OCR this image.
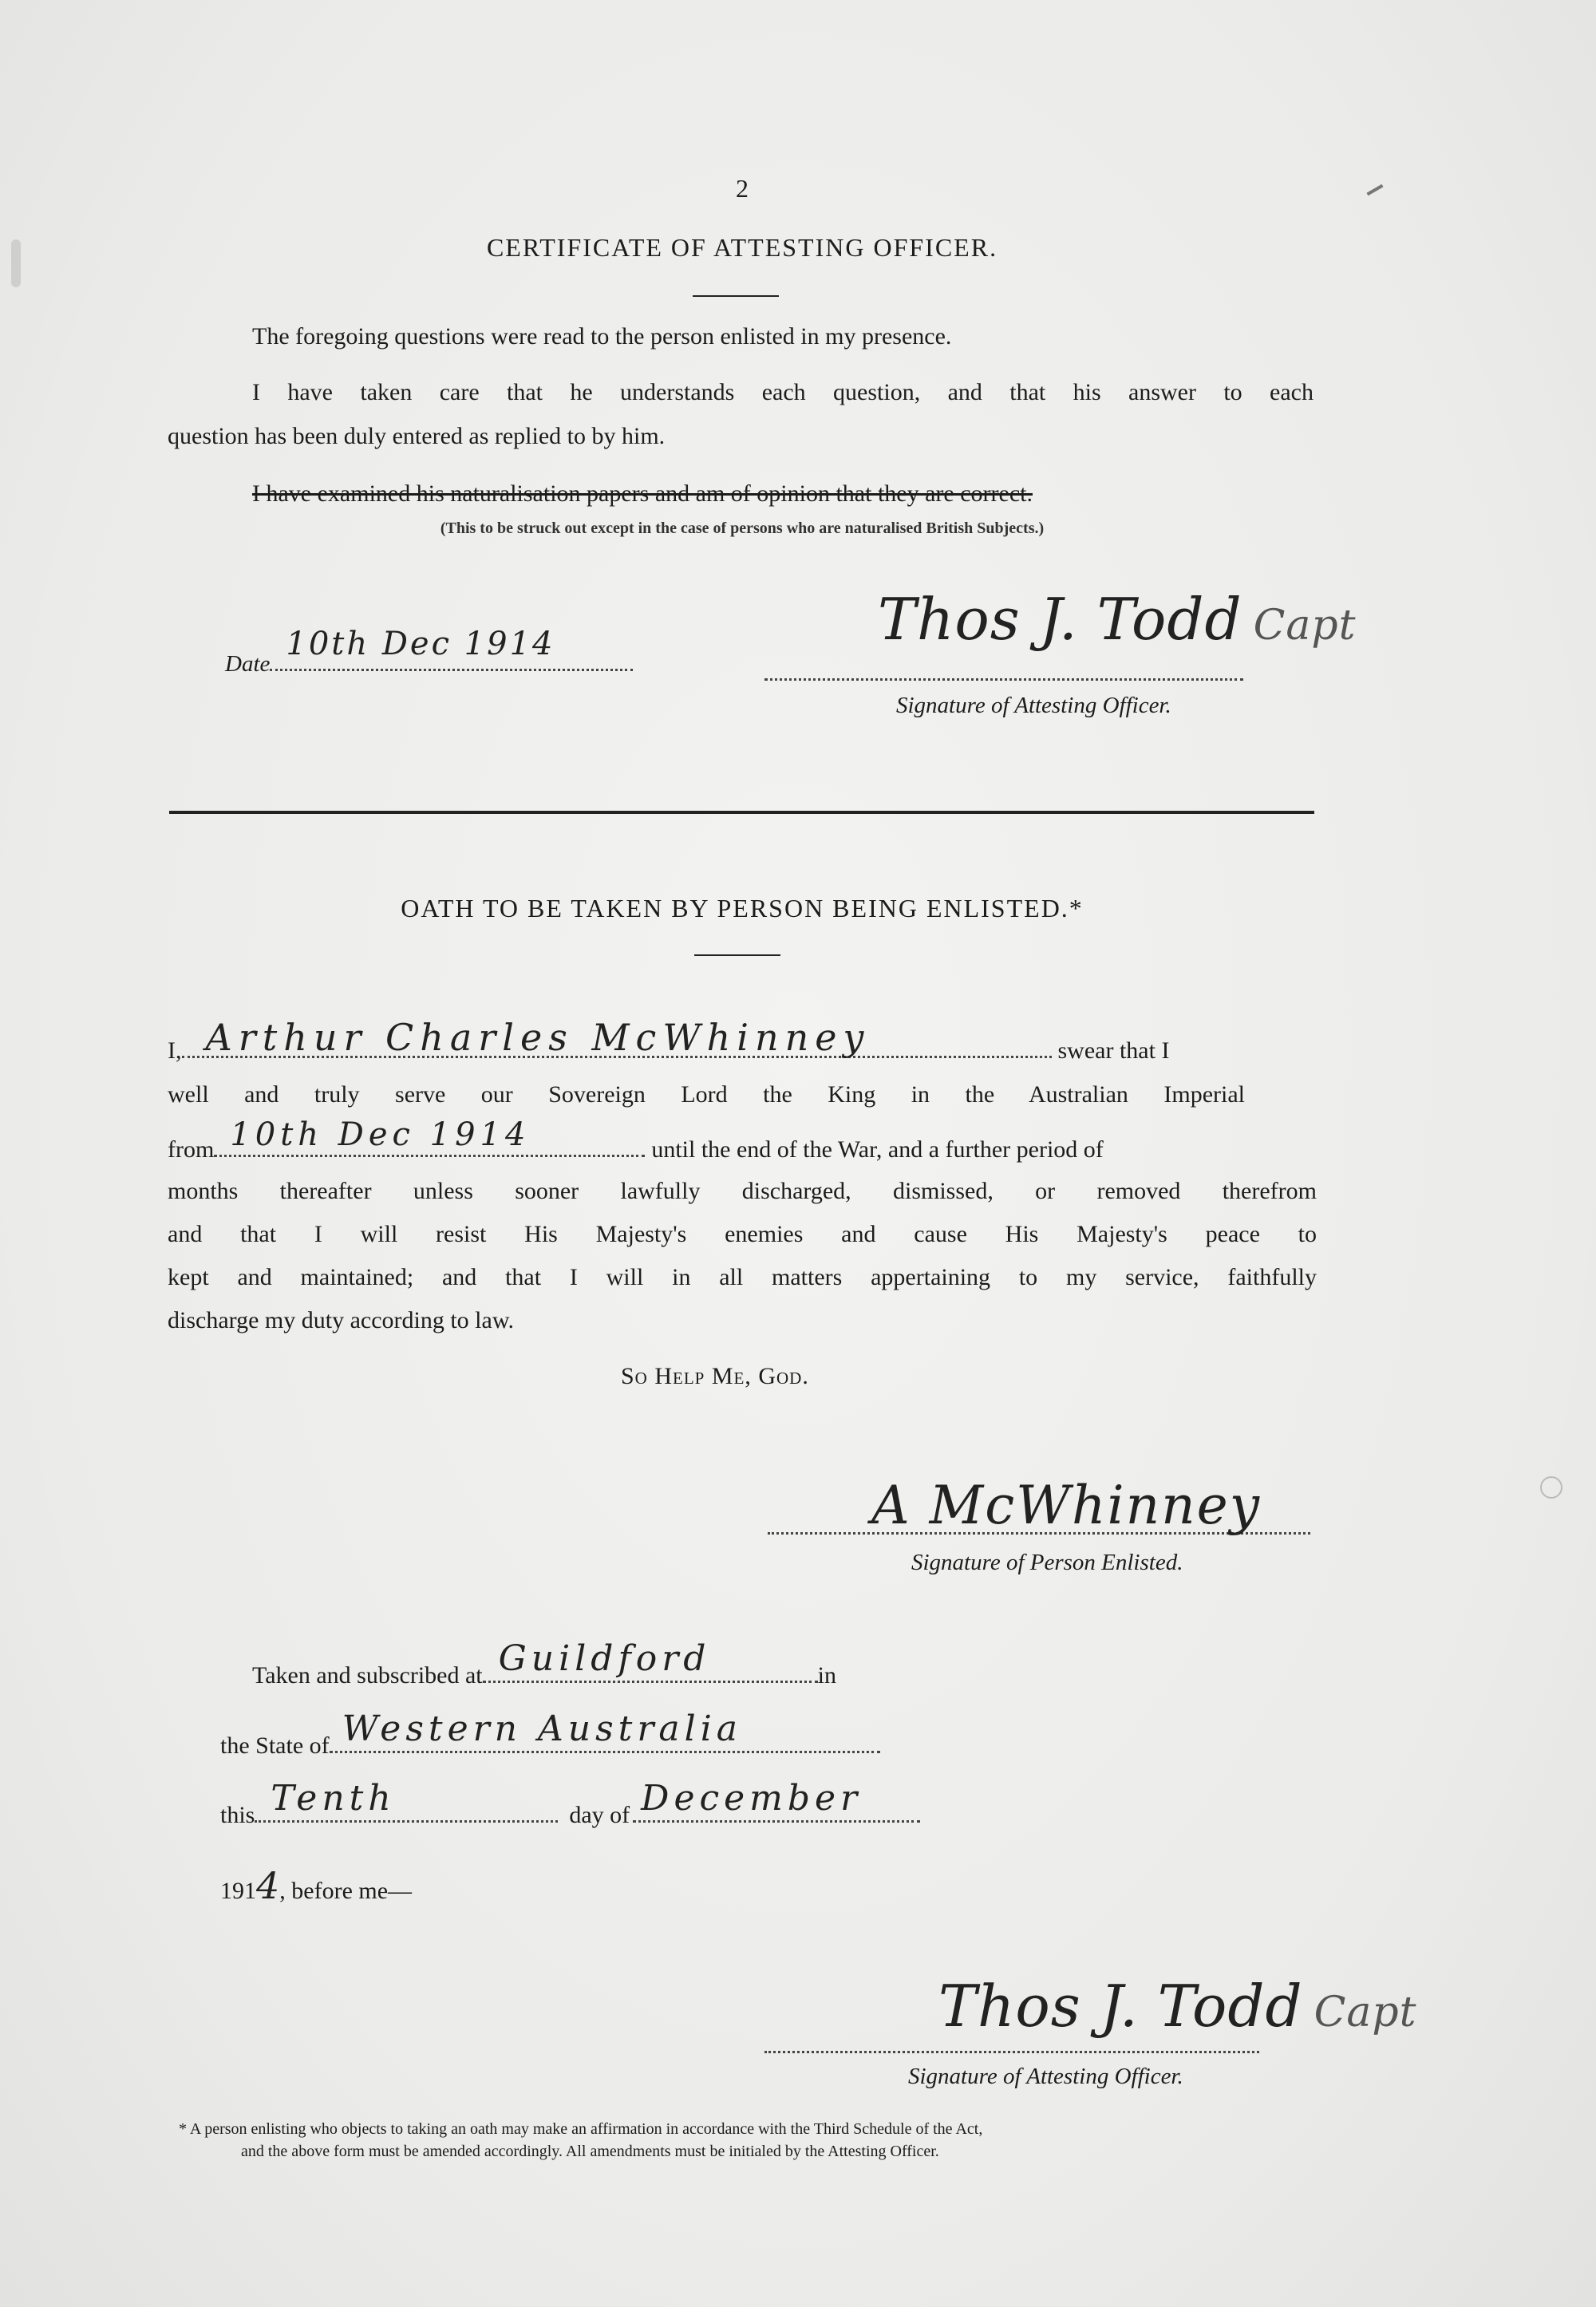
2
CERTIFICATE OF ATTESTING OFFICER.
The foregoing questions were read to the person enlisted in my presence.
I have taken care that he understands each question, and that his answer to each
question has been duly entered as replied to by him.
I have examined his naturalisation papers and am of opinion that they are correct.
(This to be struck out except in the case of persons who are naturalised British Subjects.)
Date
10th Dec 1914	Thos J. Todd Capt
Signature of Attesting Officer.
OATH TO BE TAKEN BY PERSON BEING ENLISTED.*
I, Arthur Charles McWhinney	swear that I
well and truly serve our Sovereign Lord the King in the Australian Imperial
from 10th Dec 1914	until the end of the War, and a further period of
months thereafter unless sooner lawfully discharged, dismissed, or removed therefrom
and that I will resist His Majesty's enemies and cause His Majesty's peace to
kept and maintained; and that I will in all matters appertaining to my service, faithfully
discharge my duty according to law.
So Help Me, God.
A McWhinney
Signature of Person Enlisted.
Taken and subscribed at Guildford	in
the State of Western Australia
this Tenth	day of December
1914, before me—
Thos J. Todd Capt
Signature of Attesting Officer.
* A person enlisting who objects to taking an oath may make an affirmation in accordance with the Third Schedule of the Act,
and the above form must be amended accordingly. All amendments must be initialed by the Attesting Officer.
